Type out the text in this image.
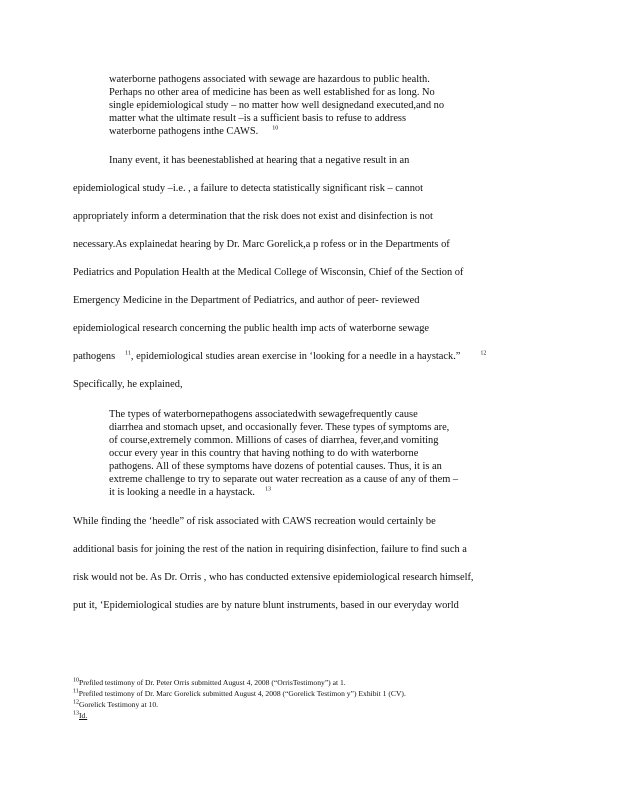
waterborne pathogens associated with sewage are hazardous to public health.
Perhaps no other area of medicine has been as well established for as long. No
single epidemiological study – no matter how well designedand executed,and no
matter what the ultimate result –is a sufficient basis to refuse to address
waterborne pathogens inthe CAWS. $^{10}$
Inany event, it has beenestablished at hearing that a negative result in an
epidemiological study –i.e. , a failure to detecta statistically significant risk – cannot
appropriately inform a determination that the risk does not exist and disinfection is not
necessary.As explainedat hearing by Dr. Marc Gorelick,a p rofess or in the Departments of
Pediatrics and Population Health at the Medical College of Wisconsin, Chief of the Section of
Emergency Medicine in the Department of Pediatrics, and author of peer- reviewed
epidemiological research concerning the public health imp acts of waterborne sewage
pathogens $^{11}$, epidemiological studies arean exercise in ‘looking for a needle in a haystack.”	$^{12}$
Specifically, he explained,
The types of waterbornepathogens associatedwith sewagefrequently cause
diarrhea and stomach upset, and occasionally fever. These types of symptoms are,
of course,extremely common. Millions of cases of diarrhea, fever,and vomiting
occur every year in this country that having nothing to do with waterborne
pathogens. All of these symptoms have dozens of potential causes. Thus, it is an
extreme challenge to try to separate out water recreation as a cause of any of them –
it is looking a needle in a haystack. $^{13}$
While finding the ‘heedle” of risk associated with CAWS recreation would certainly be
additional basis for joining the rest of the nation in requiring disinfection, failure to find such a
risk would not be. As Dr. Orris , who has conducted extensive epidemiological research himself,
put it, ‘Epidemiological studies are by nature blunt instruments, based in our everyday world
$^{10}$Prefiled testimony of Dr. Peter Orris submitted August 4, 2008 (“OrrisTestimony”) at 1.
$^{11}$Prefiled testimony of Dr. Marc Gorelick submitted August 4, 2008 (“Gorelick Testimon y”) Exhibit 1 (CV).
$^{12}$Gorelick Testimony at 10.
$^{13}$Id.
